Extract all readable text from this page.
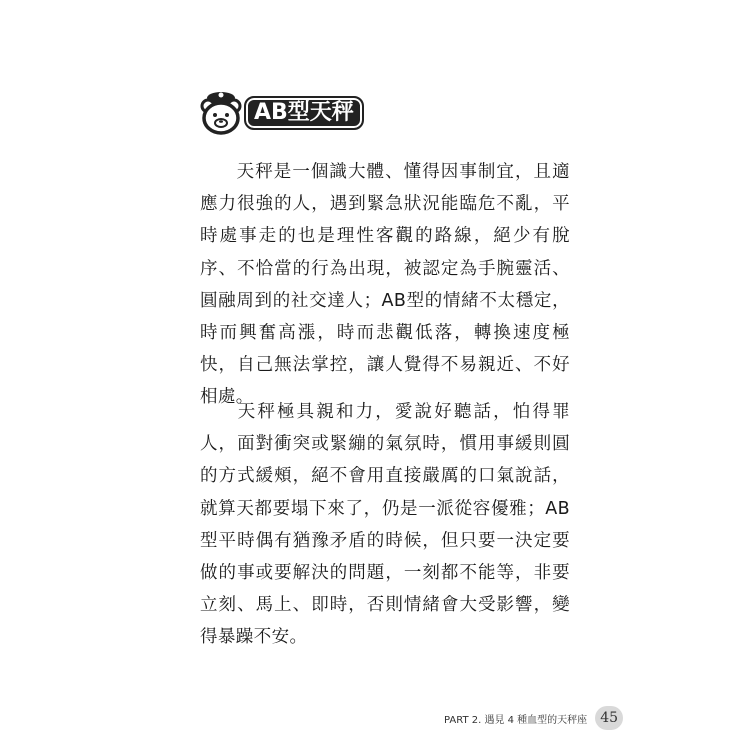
AB型天秤

天秤是一個識大體、懂得因事制宜，且適應力很強的人，遇到緊急狀況能臨危不亂，平時處事走的也是理性客觀的路線，絕少有脫序、不恰當的行為出現，被認定為手腕靈活、圓融周到的社交達人；AB型的情緒不太穩定，時而興奮高漲，時而悲觀低落，轉換速度極快，自己無法掌控，讓人覺得不易親近、不好相處。

天秤極具親和力，愛說好聽話，怕得罪人，面對衝突或緊繃的氣氛時，慣用事緩則圓的方式緩頰，絕不會用直接嚴厲的口氣說話，就算天都要塌下來了，仍是一派從容優雅；AB型平時偶有猶豫矛盾的時候，但只要一決定要做的事或要解決的問題，一刻都不能等，非要立刻、馬上、即時，否則情緒會大受影響，變得暴躁不安。

PART 2. 遇見 4 種血型的天秤座 45
